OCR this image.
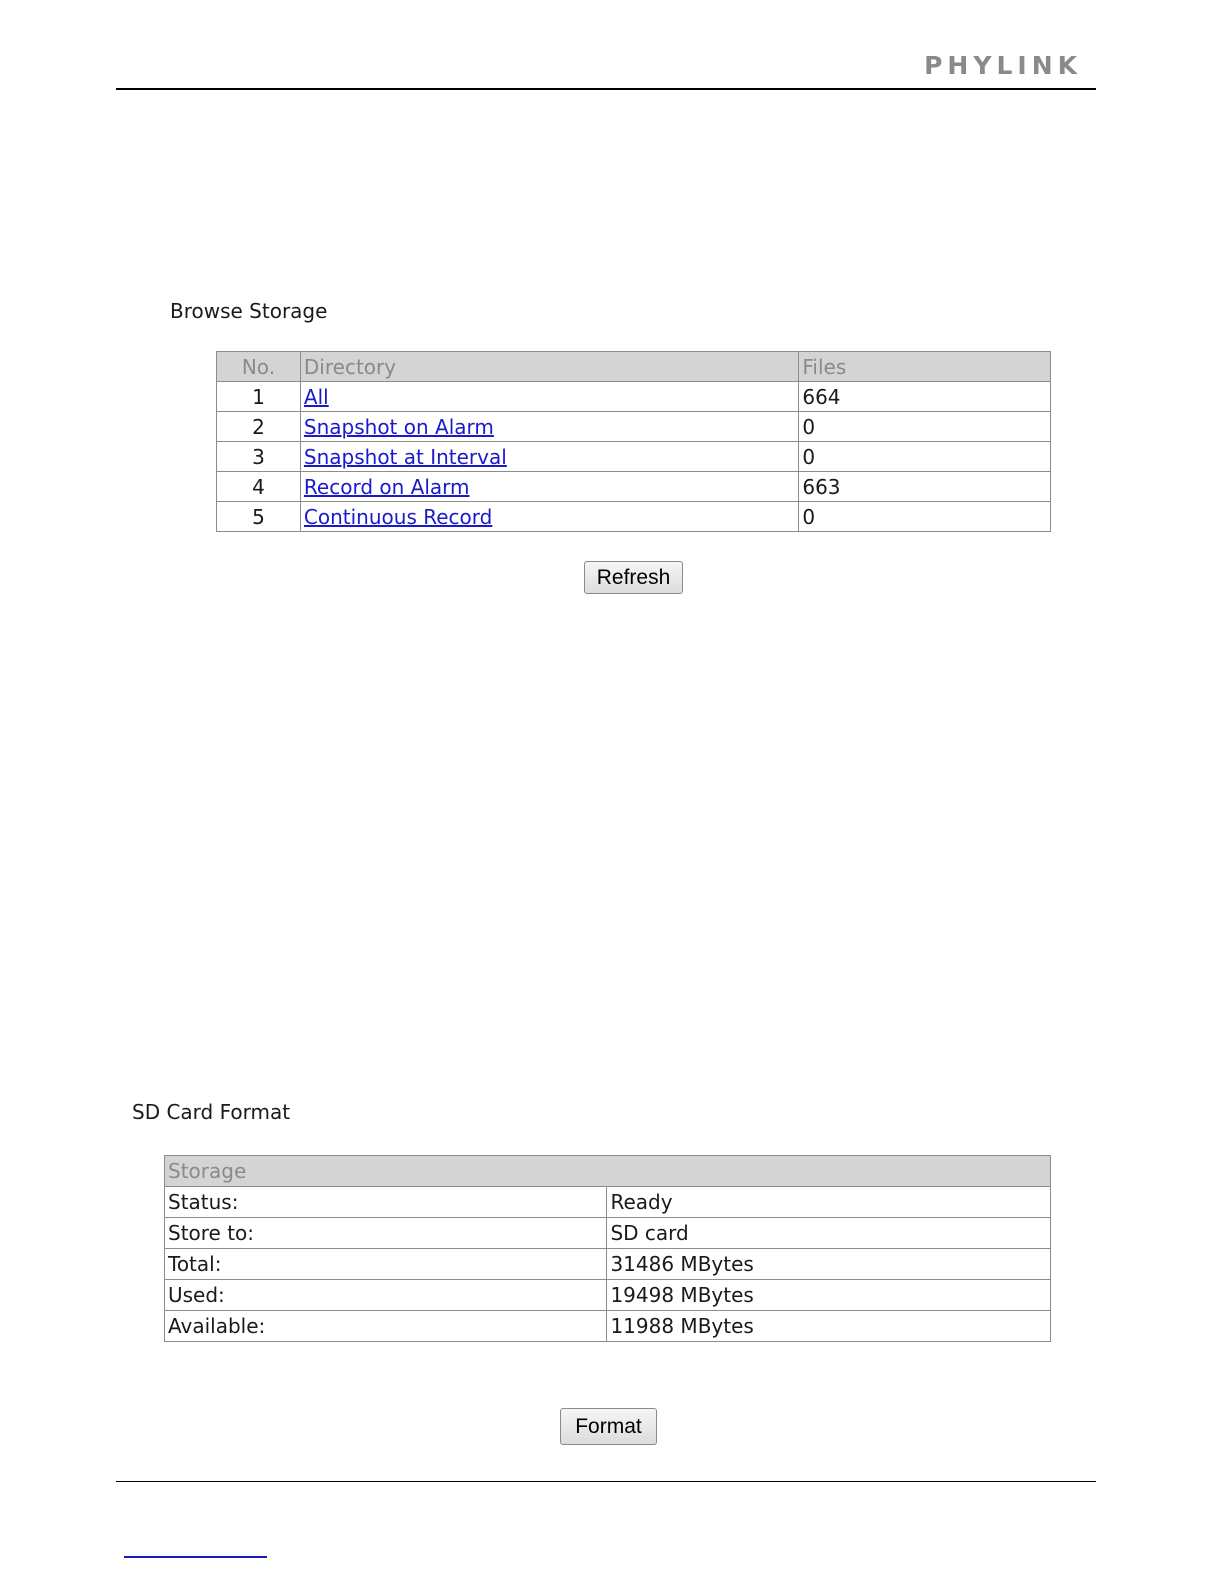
PHYLINK
Browse Storage
No.	Directory	Files
1	All	664
2	Snapshot on Alarm	0
3	Snapshot at Interval	0
4	Record on Alarm	663
5	Continuous Record	0
Refresh
SD Card Format
Storage	
Status:	Ready
Store to:	SD card
Total:	31486 MBytes
Used:	19498 MBytes
Available:	11988 MBytes
Format
